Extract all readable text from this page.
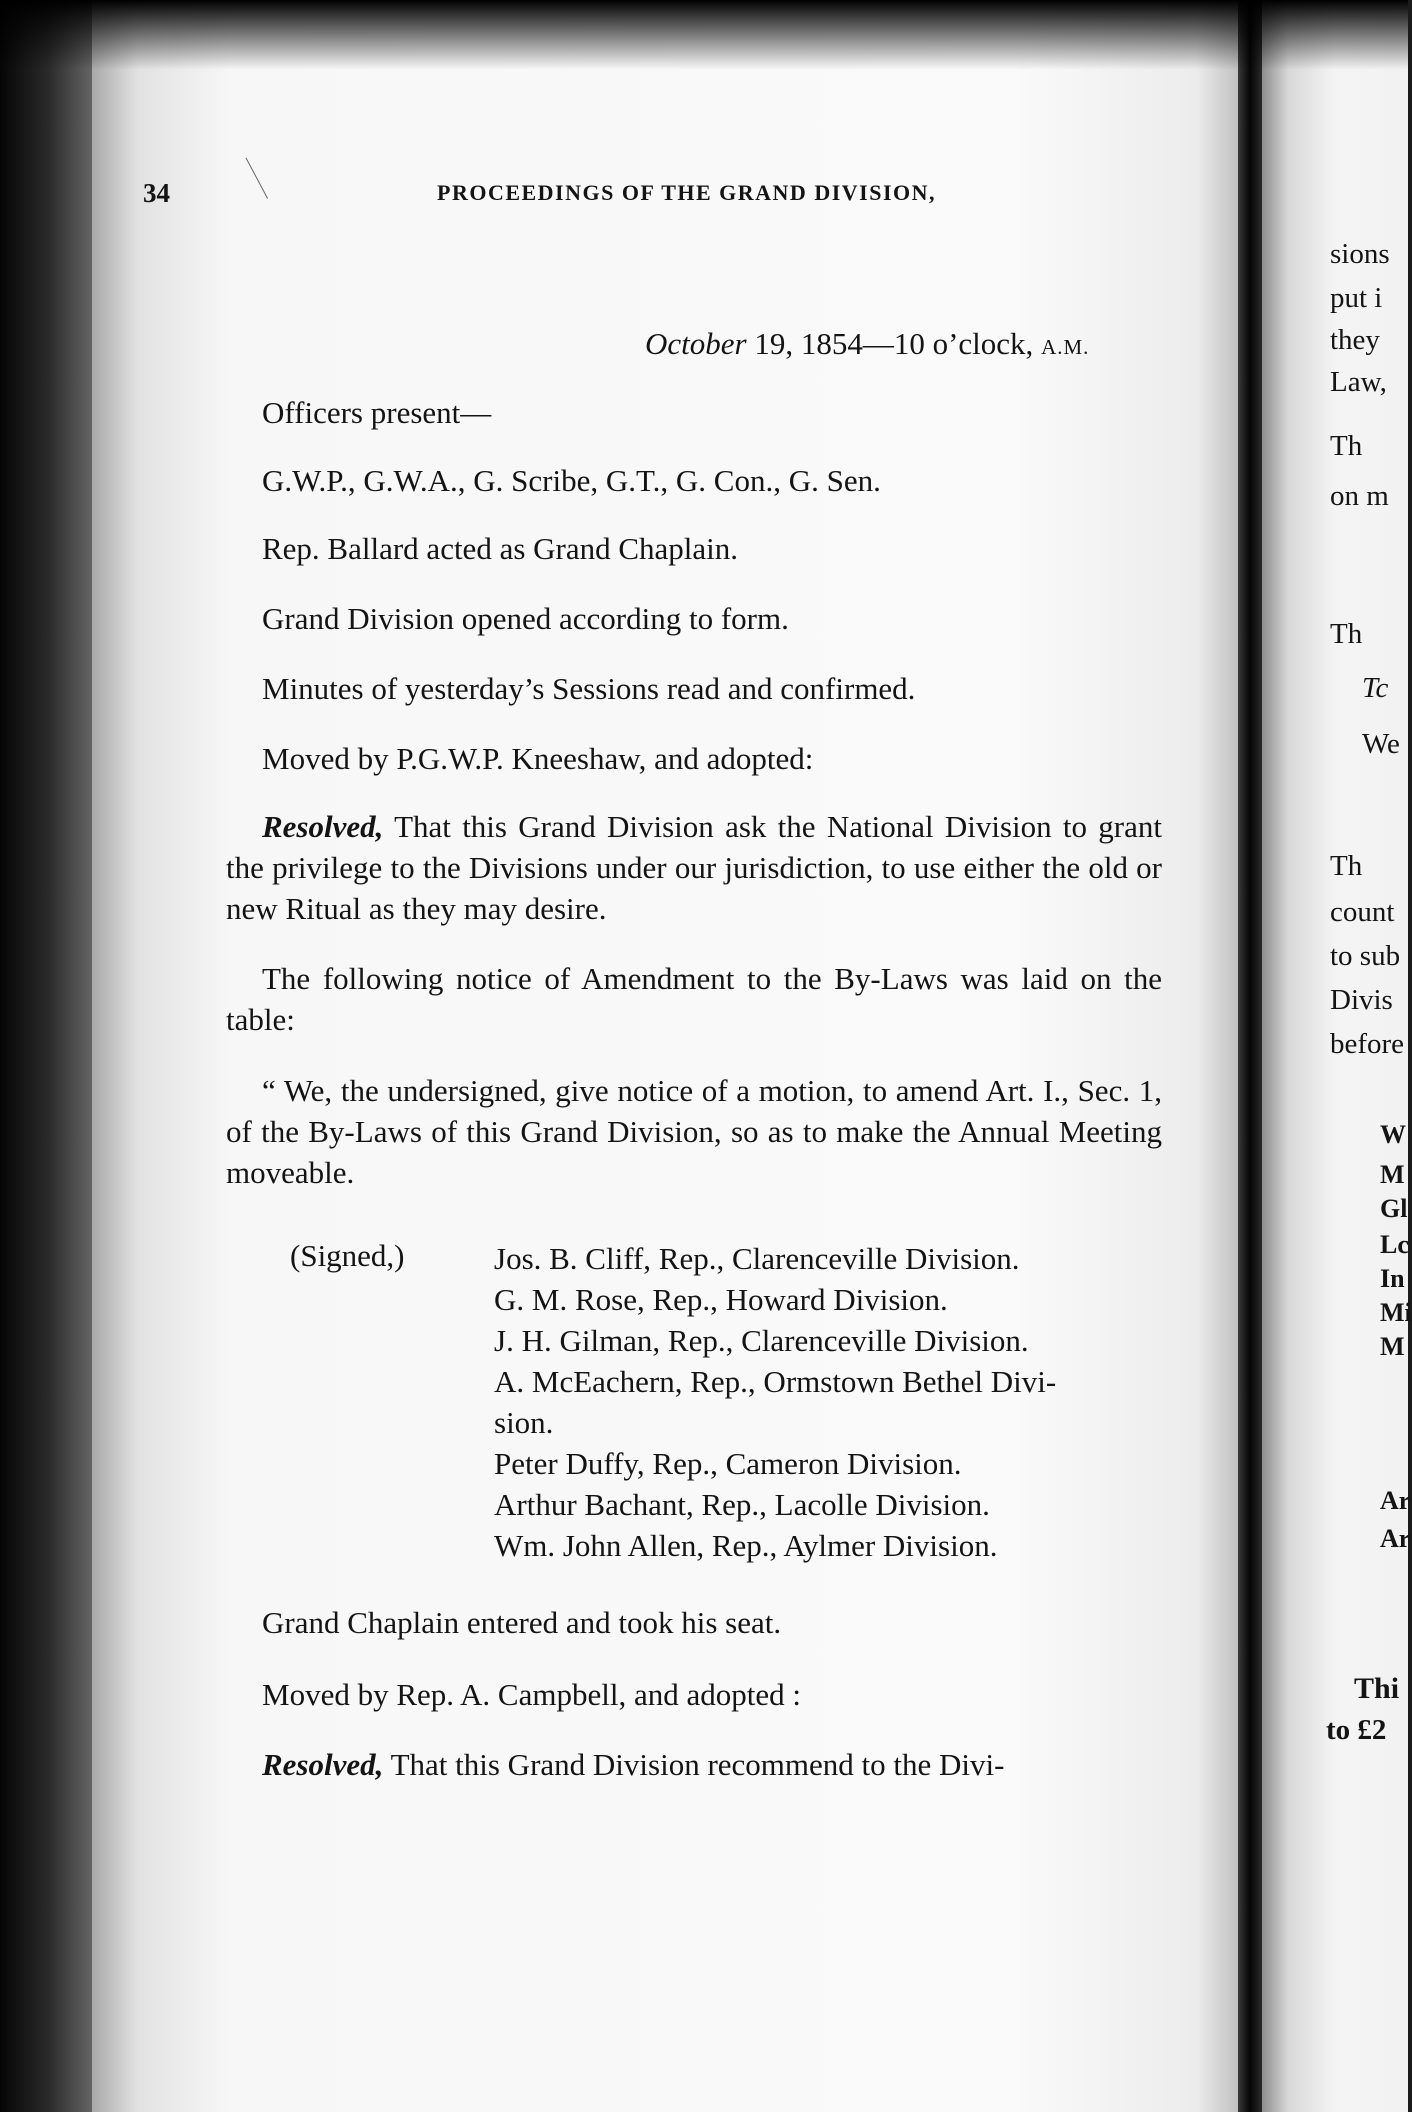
34	PROCEEDINGS OF THE GRAND DIVISION,
October 19, 1854—10 o’clock, A.M.

Officers present—

G.W.P., G.W.A., G. Scribe, G.T., G. Con., G. Sen.

Rep. Ballard acted as Grand Chaplain.

Grand Division opened according to form.

Minutes of yesterday’s Sessions read and confirmed.

Moved by P.G.W.P. Kneeshaw, and adopted:

Resolved, That this Grand Division ask the National Division to grant the privilege to the Divisions under our jurisdiction, to use either the old or new Ritual as they may desire.

The following notice of Amendment to the By-Laws was laid on the table:

“ We, the undersigned, give notice of a motion, to amend Art. I., Sec. 1, of the By-Laws of this Grand Division, so as to make the Annual Meeting moveable.

(Signed,)	Jos. B. Cliff, Rep., Clarenceville Division.
G. M. Rose, Rep., Howard Division.
J. H. Gilman, Rep., Clarenceville Division.
A. McEachern, Rep., Ormstown Bethel Divi-
sion.
Peter Duffy, Rep., Cameron Division.
Arthur Bachant, Rep., Lacolle Division.
Wm. John Allen, Rep., Aylmer Division.

Grand Chaplain entered and took his seat.

Moved by Rep. A. Campbell, and adopted :

Resolved, That this Grand Division recommend to the Divi-

sions
put i
they
Law,
Th
on m
Th
Tc
We
Th
count
to sub
Divis
before
W
M
Gl
Lc
In
Mi
M
Ar
Ar
Thi
to £2
